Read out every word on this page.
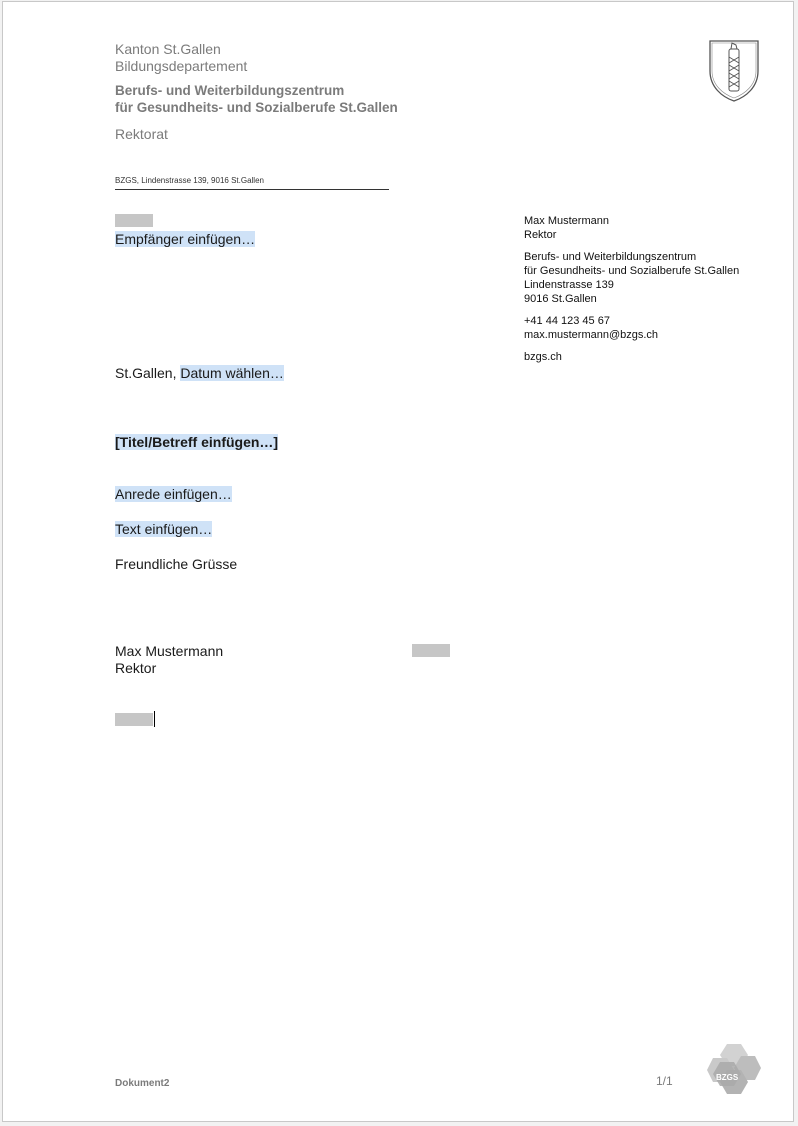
Kanton St.Gallen
Bildungsdepartement
Berufs- und Weiterbildungszentrum
für Gesundheits- und Sozialberufe St.Gallen
Rektorat
BZGS, Lindenstrasse 139, 9016 St.Gallen
Empfänger einfügen…
Max Mustermann
Rektor
Berufs- und Weiterbildungszentrum
für Gesundheits- und Sozialberufe St.Gallen
Lindenstrasse 139
9016 St.Gallen
+41 44 123 45 67
max.mustermann@bzgs.ch
bzgs.ch
St.Gallen, Datum wählen…
[Titel/Betreff einfügen…]
Anrede einfügen…
Text einfügen…
Freundliche Grüsse
Max Mustermann
Rektor
Dokument2	1/1	BZGS
